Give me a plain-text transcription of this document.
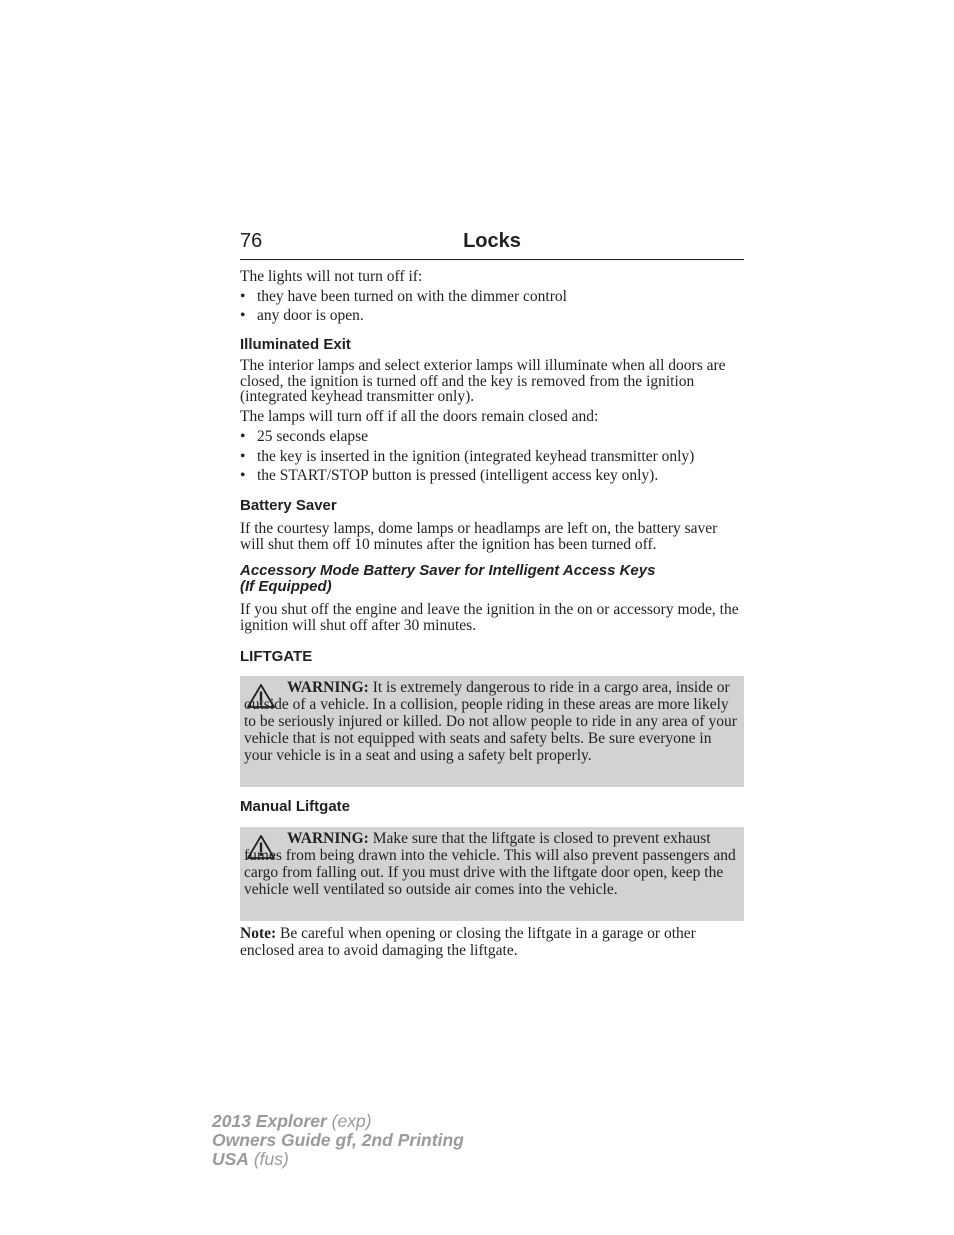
76	Locks

The lights will not turn off if:

• they have been turned on with the dimmer control
• any door is open.
Illuminated Exit

The interior lamps and select exterior lamps will illuminate when all doors are closed, the ignition is turned off and the key is removed from the ignition (integrated keyhead transmitter only).

The lamps will turn off if all the doors remain closed and:

• 25 seconds elapse
• the key is inserted in the ignition (integrated keyhead transmitter only)
• the START/STOP button is pressed (intelligent access key only).
Battery Saver

If the courtesy lamps, dome lamps or headlamps are left on, the battery saver will shut them off 10 minutes after the ignition has been turned off.

Accessory Mode Battery Saver for Intelligent Access Keys
(If Equipped)

If you shut off the engine and leave the ignition in the on or accessory mode, the ignition will shut off after 30 minutes.

LIFTGATE
WARNING: It is extremely dangerous to ride in a cargo area, inside or outside of a vehicle. In a collision, people riding in these areas are more likely to be seriously injured or killed. Do not allow people to ride in any area of your vehicle that is not equipped with seats and safety belts. Be sure everyone in your vehicle is in a seat and using a safety belt properly.
Manual Liftgate
WARNING: Make sure that the liftgate is closed to prevent exhaust fumes from being drawn into the vehicle. This will also prevent passengers and cargo from falling out. If you must drive with the liftgate door open, keep the vehicle well ventilated so outside air comes into the vehicle.

Note: Be careful when opening or closing the liftgate in a garage or other enclosed area to avoid damaging the liftgate.

2013 Explorer (exp)
Owners Guide gf, 2nd Printing
USA (fus)
